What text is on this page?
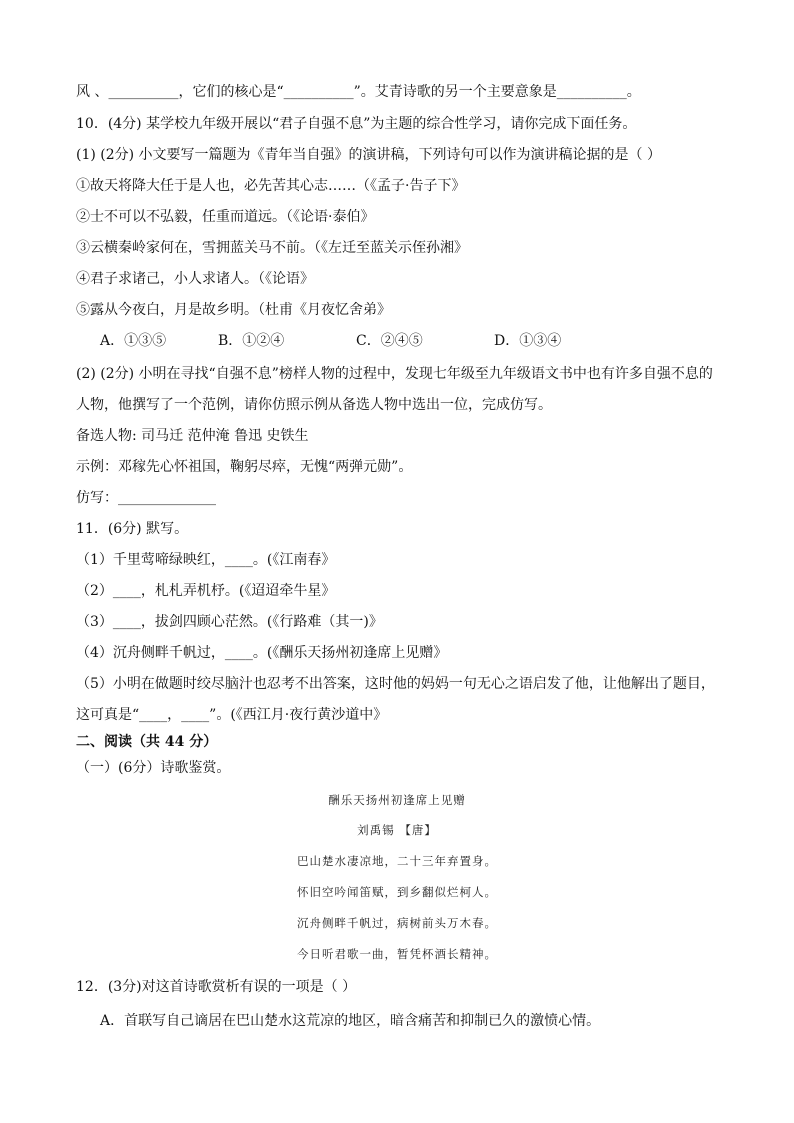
风 、__________，它们的核心是“__________”。艾青诗歌的另一个主要意象是__________。
10．(4分) 某学校九年级开展以“君子自强不息”为主题的综合性学习，请你完成下面任务。
(1) (2分) 小文要写一篇题为《青年当自强》的演讲稿，下列诗句可以作为演讲稿论据的是（ ）
①故天将降大任于是人也，必先苦其心志……（《孟子·告子下》
②士不可以不弘毅，任重而道远。（《论语·泰伯》
③云横秦岭家何在，雪拥蓝关马不前。（《左迁至蓝关示侄孙湘》
④君子求诸己，小人求诸人。（《论语》
⑤露从今夜白，月是故乡明。（杜甫《月夜忆舍弟》
A．①③⑤	B．①②④	C．②④⑤	D．①③④
(2) (2分) 小明在寻找“自强不息”榜样人物的过程中，发现七年级至九年级语文书中也有许多自强不息的
人物，他撰写了一个范例，请你仿照示例从备选人物中选出一位，完成仿写。
备选人物: 司马迁 范仲淹 鲁迅 史铁生
示例：邓稼先心怀祖国，鞠躬尽瘁，无愧“两弹元勋”。
仿写：______________
11．(6分) 默写。
（1）千里莺啼绿映红，____。(《江南春》
（2）____，札札弄机杼。(《迢迢牵牛星》
（3）____，拔剑四顾心茫然。(《行路难（其一)》
（4）沉舟侧畔千帆过，____。(《酬乐天扬州初逢席上见赠》
（5）小明在做题时绞尽脑汁也忍考不出答案，这时他的妈妈一句无心之语启发了他，让他解出了题目，
这可真是“____，____”。(《西江月·夜行黄沙道中》
二、阅读（共 44 分）
（一）(6分）诗歌鉴赏。
酬乐天扬州初逢席上见赠
刘禹锡 【唐】
巴山楚水凄凉地，二十三年弃置身。
怀旧空吟闻笛赋，到乡翻似烂柯人。
沉舟侧畔千帆过，病树前头万木春。
今日听君歌一曲，暂凭杯酒长精神。
12．(3分)对这首诗歌赏析有误的一项是（ ）
A．首联写自己谪居在巴山楚水这荒凉的地区，暗含痛苦和抑制已久的激愤心情。
